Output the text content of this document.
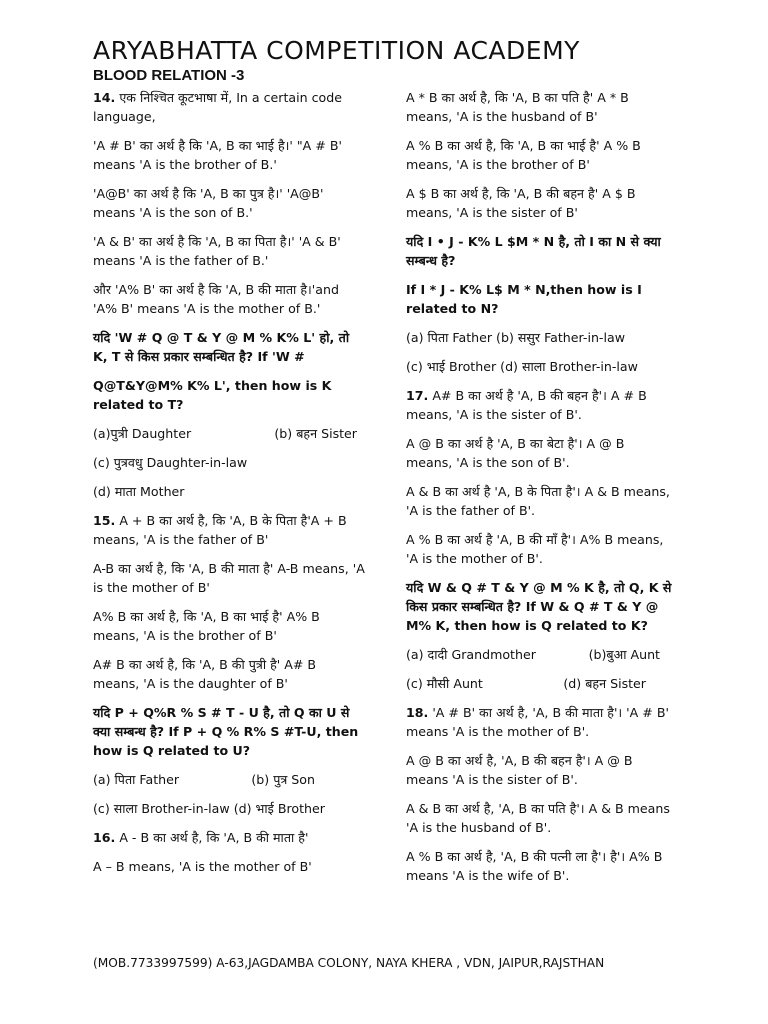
ARYABHATTA COMPETITION ACADEMY
BLOOD RELATION -3

14. एक निश्चित कूटभाषा में, In a certain code language,

'A # B' का अर्थ है कि 'A, B का भाई है।' "A # B' means 'A is the brother of B.'

'A@B' का अर्थ है कि 'A, B का पुत्र है।' 'A@B' means 'A is the son of B.'

'A & B' का अर्थ है कि 'A, B का पिता है।' 'A & B' means 'A is the father of B.'

और 'A% B' का अर्थ है कि 'A, B की माता है।'and 'A% B' means 'A is the mother of B.'

यदि 'W # Q @ T & Y @ M % K% L' हो, तो K, T से किस प्रकार सम्बन्धित है? If 'W #

Q@T&Y@M% K% L', then how is K related to T?

(a)पुत्री Daughter	(b) बहन Sister

(c) पुत्रवधु Daughter-in-law

(d) माता Mother

15. A + B का अर्थ है, कि 'A, B के पिता है'A + B means, 'A is the father of B'

A-B का अर्थ है, कि 'A, B की माता है' A-B means, 'A is the mother of B'

A% B का अर्थ है, कि 'A, B का भाई है' A% B means, 'A is the brother of B'

A# B का अर्थ है, कि 'A, B की पुत्री है' A# B means, 'A is the daughter of B'

यदि P + Q%R % S # T - U है, तो Q का U से क्या सम्बन्ध है? If P + Q % R% S #T-U, then how is Q related to U?

(a) पिता Father	(b) पुत्र Son

(c) साला Brother-in-law (d) भाई Brother

16. A - B का अर्थ है, कि 'A, B की माता है'

A – B means, 'A is the mother of B'

A * B का अर्थ है, कि 'A, B का पति है' A * B means, 'A is the husband of B'

A % B का अर्थ है, कि 'A, B का भाई है' A % B means, 'A is the brother of B'

A $ B का अर्थ है, कि 'A, B की बहन है' A $ B means, 'A is the sister of B'

यदि I • J - K% L $M * N है, तो I का N से क्या सम्बन्ध है?

If I * J - K% L$ M * N,then how is I related to N?

(a) पिता Father (b) ससुर Father-in-law

(c) भाई Brother (d) साला Brother-in-law

17. A# B का अर्थ है 'A, B की बहन है'। A # B means, 'A is the sister of B'.

A @ B का अर्थ है 'A, B का बेटा है'। A @ B means, 'A is the son of B'.

A & B का अर्थ है 'A, B के पिता है'। A & B means, 'A is the father of B'.

A % B का अर्थ है 'A, B की माँ है'। A% B means, 'A is the mother of B'.

यदि W & Q # T & Y @ M % K है, तो Q, K से किस प्रकार सम्बन्धित है? If W & Q # T & Y @ M% K, then how is Q related to K?

(a) दादी Grandmother	(b)बुआ Aunt

(c) मौसी Aunt	(d) बहन Sister

18. 'A # B' का अर्थ है, 'A, B की माता है'। 'A # B' means 'A is the mother of B'.

A @ B का अर्थ है, 'A, B की बहन है'। A @ B means 'A is the sister of B'.

A & B का अर्थ है, 'A, B का पति है'। A & B means 'A is the husband of B'.

A % B का अर्थ है, 'A, B की पत्नी ला है'। है'। A% B means 'A is the wife of B'.

(MOB.7733997599) A-63,JAGDAMBA COLONY, NAYA KHERA , VDN, JAIPUR,RAJSTHAN
